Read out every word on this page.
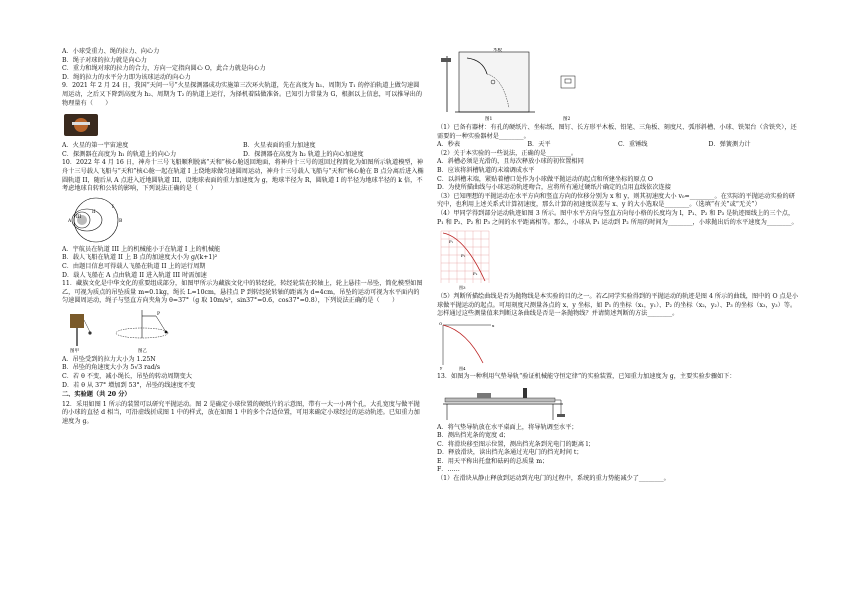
A．小球受重力、绳的拉力、向心力

B．绳子对球的拉力就是向心力

C．重力和绳对球的拉力的合力，方向一定指向圆心 O，此合力就是向心力

D．绳的拉力的水平分力即为该球运动的向心力

9．2021 年 2 月 24 日，我国“天问一号”火星探测器成功实施第三次环火轨道，先在高度为 h₁、周期为 T₁ 的停泊轨道上做匀速圆周运动，之后又下降到高度为 h₂、周期为 T₂ 的轨道上运行，为择机着陆做准备。已知引力常量为 G，根据以上信息，可以推导出的物理量有（　　）

A．火星的第一宇宙速度	B．火星表面的重力加速度
C．探测器在高度为 h₁ 的轨道上的向心力	D．探测器在高度为 h₂ 轨道上的向心加速度

10．2022 年 4 月 16 日，神舟十三号飞船顺利脱离“天和”核心舱返回地面，将神舟十三号的返回过程简化为如图所示轨道模型，神舟十三号载人飞船与“天和”核心舱一起在轨道 I 上绕地球做匀速圆周运动，神舟十三号载人飞船与“天和”核心舱在 B 点分离后进入椭圆轨道 II，随后从 A 点进入近地圆轨道 III，设地球表面的重力加速度为 g，地球半径为 R，圆轨道 I 的半径为地球半径的 k 倍，不考虑地球自转和公转的影响，下列说法正确的是（　　）

III
II
I
A	B

A．宇航员在轨道 III 上的机械能小于在轨道 I 上的机械能

B．载人飞船在轨道 II 上 B 点的加速度大小为 g/(k+1)²

C．由题目信息可得载人飞船在轨道 II 上的运行周期

D．载人飞船在 A 点由轨道 II 进入轨道 III 时需加速

11．藏族文化是中华文化的重要组成部分，如图甲所示为藏族文化中的转经轮，转经轮装在转轴上，轮上悬挂一吊坠，简化模型如图乙，可视为质点的吊坠质量 m=0.1kg，绳长 L=10cm，悬挂点 P 到转经轮转轴的距离为 d=4cm，吊坠的运动可视为水平面内的匀速圆周运动，绳子与竖直方向夹角为 θ=37°（g 取 10m/s²，sin37°=0.6，cos37°=0.8），下列说法正确的是（　　）

图甲
P
图乙

A．吊坠受到的拉力大小为 1.25N

B．吊坠的角速度大小为 5√3 rad/s

C．若 θ 不变，减小绳长，吊坠的转动周期变大

D．若 θ 从 37° 增加到 53°，吊坠的线速度不变

二、实验题（共 20 分）

12．采用如图 1 所示的装置可以研究平抛运动。图 2 是确定小球位置的硬纸片的示意图，带有一大一小两个孔，大孔宽度与做平抛的小球的直径 d 相当，可沿虚线折成图 1 中的样式，放在如图 1 中的多个合适位置，可用来确定小球经过的运动轨迹。已知重力加速度为 g。

木板
图1	图2

（1）已备有器材：有孔的硬纸片、坐标纸、图钉、长方形平木板、铅笔、三角板、刻度尺、弧形斜槽、小球、铁架台（含铁夹），还需要的一种实验器材是________。

A．秒表	B．天平	C．重锤线	D．弹簧测力计

（2）关于本实验的一些说法，正确的是________。

A．斜槽必须是光滑的，且每次释放小球的初位置相同

B．应该将斜槽轨道的末端调成水平

C．以斜槽末端，紧贴着槽口处作为小球做平抛运动的起点和所建坐标的原点 O

D．为使所描曲线与小球运动轨迹吻合，应将所有通过硬纸片确定的点用直线依次连接

（3）已知理想的平抛运动在水平方向和竖直方向的位移分别为 x 和 y，则其初速度大小 v₀=________。在实际的平抛运动实验的研究中，也利用上述关系式计算初速度，那么计算的初速度误差与 x、y 的大小选取是________。（选填“有关”或“无关”）

（4）甲同学得到部分运动轨迹如图 3 所示。图中水平方向与竖直方向每小格的长度均为 l，P₁、P₂ 和 P₃ 是轨迹图线上的三个点，P₁ 和 P₂、P₂ 和 P₃ 之间的水平距离相等。那么，小球从 P₁ 运动到 P₂ 所用的时间为________，小球抛出后的水平速度为________。

P₁
P₂
P₃
图3

（5）判断所描绘曲线是否为抛物线是本实验的目的之一。若乙同学实验得到的平抛运动的轨迹是图 4 所示的曲线，图中的 O 点是小球做平抛运动的起点。可用刻度尺测量各点的 x、y 坐标，如 P₁ 的坐标（x₁，y₁）、P₂ 的坐标（x₂，y₂）、P₃ 的坐标（x₃，y₃）等。怎样通过这些测量值来判断这条曲线是否是一条抛物线？并请简述判断的方法________。

O	x
y	图4

13．如图为一种利用气垫导轨“验证机械能守恒定律”的实验装置，已知重力加速度为 g，主要实验步骤如下：

A．将气垫导轨放在水平桌面上，将导轨调至水平；

B．测出挡光条的宽度 d；

C．将滑块移至图示位置，测出挡光条到光电门的距离 l；

D．释放滑块，读出挡光条通过光电门的挡光时间 t；

E．用天平称出托盘和砝码的总质量 m；

F．……

（1）在滑块从静止释放到运动到光电门的过程中，系统的重力势能减少了________。
